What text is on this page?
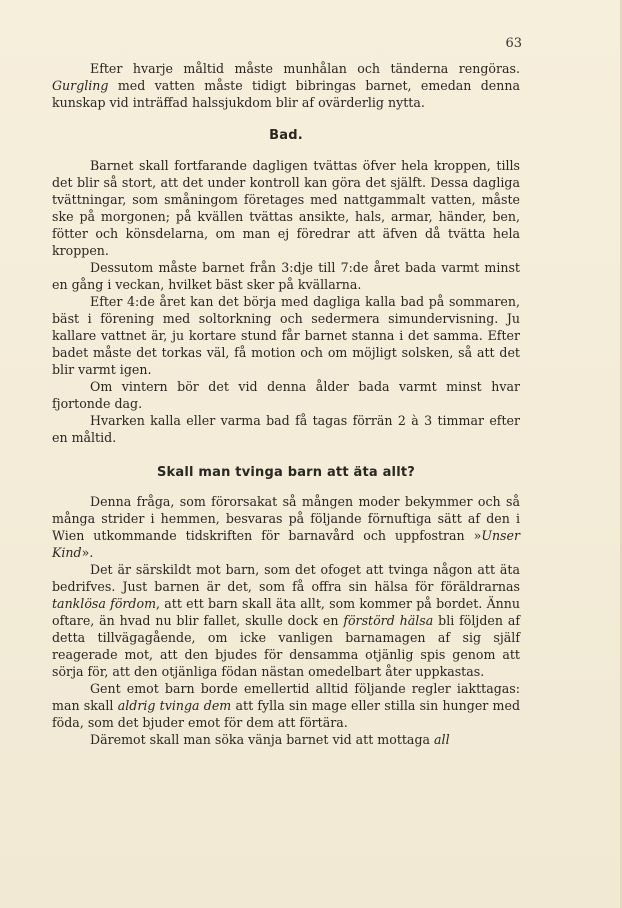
63

Efter hvarje måltid måste munhålan och tänderna rengöras. Gurgling med vatten måste tidigt bibringas barnet, emedan denna kunskap vid inträffad halssjukdom blir af ovärderlig nytta.

Bad.

Barnet skall fortfarande dagligen tvättas öfver hela kroppen, tills det blir så stort, att det under kontroll kan göra det själft. Dessa dagliga tvättningar, som småningom företages med nattgammalt vatten, måste ske på morgonen; på kvällen tvättas ansikte, hals, armar, händer, ben, fötter och könsdelarna, om man ej föredrar att äfven då tvätta hela kroppen.

Dessutom måste barnet från 3:dje till 7:de året bada varmt minst en gång i veckan, hvilket bäst sker på kvällarna.

Efter 4:de året kan det börja med dagliga kalla bad på sommaren, bäst i förening med soltorkning och sedermera simundervisning. Ju kallare vattnet är, ju kortare stund får barnet stanna i det samma. Efter badet måste det torkas väl, få motion och om möjligt solsken, så att det blir varmt igen.

Om vintern bör det vid denna ålder bada varmt minst hvar fjortonde dag.

Hvarken kalla eller varma bad få tagas förrän 2 à 3 timmar efter en måltid.

Skall man tvinga barn att äta allt?

Denna fråga, som förorsakat så mången moder bekymmer och så många strider i hemmen, besvaras på följande förnuftiga sätt af den i Wien utkommande tidskriften för barnavård och uppfostran »Unser Kind».

Det är särskildt mot barn, som det ofoget att tvinga någon att äta bedrifves. Just barnen är det, som få offra sin hälsa för föräldrarnas tanklösa fördom, att ett barn skall äta allt, som kommer på bordet. Ännu oftare, än hvad nu blir fallet, skulle dock en förstörd hälsa bli följden af detta tillvägagående, om icke vanligen barnamagen af sig själf reagerade mot, att den bjudes för densamma otjänlig spis genom att sörja för, att den otjänliga födan nästan omedelbart åter uppkastas.

Gent emot barn borde emellertid alltid följande regler iakttagas: man skall aldrig tvinga dem att fylla sin mage eller stilla sin hunger med föda, som det bjuder emot för dem att förtära.

Däremot skall man söka vänja barnet vid att mottaga all
